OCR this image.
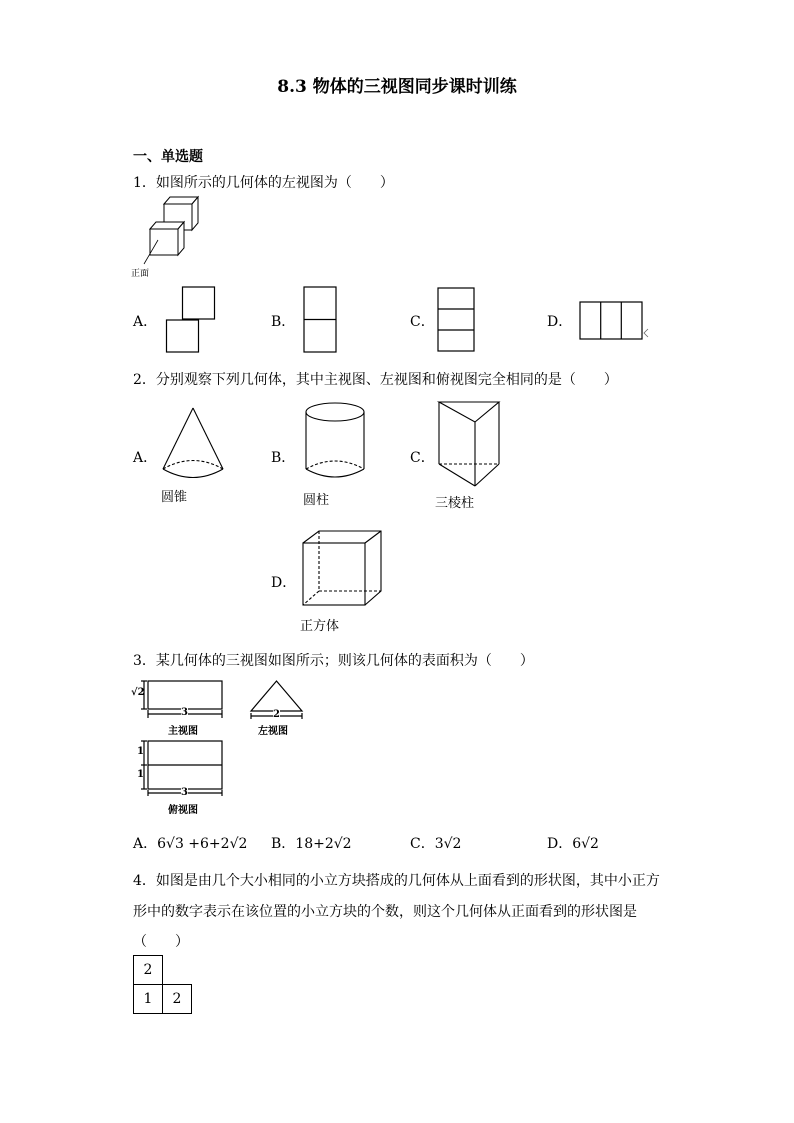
8.3 物体的三视图同步课时训练
一、单选题
1．如图所示的几何体的左视图为（　　）
正面
A．	B．	C．	D．
2．分别观察下列几何体，其中主视图、左视图和俯视图完全相同的是（　　）
A．
圆锥
B．
圆柱
C．
三棱柱
D．
正方体
3．某几何体的三视图如图所示；则该几何体的表面积为（　　）
√2
3
主视图
2
左视图
1
1
3
俯视图
A．6√3 +6+2√2 B．18+2√2	C．3√2	D．6√2
4．如图是由几个大小相同的小立方块搭成的几何体从上面看到的形状图，其中小正方
形中的数字表示在该位置的小立方块的个数，则这个几何体从正面看到的形状图是
（　　）
2	
1	2
